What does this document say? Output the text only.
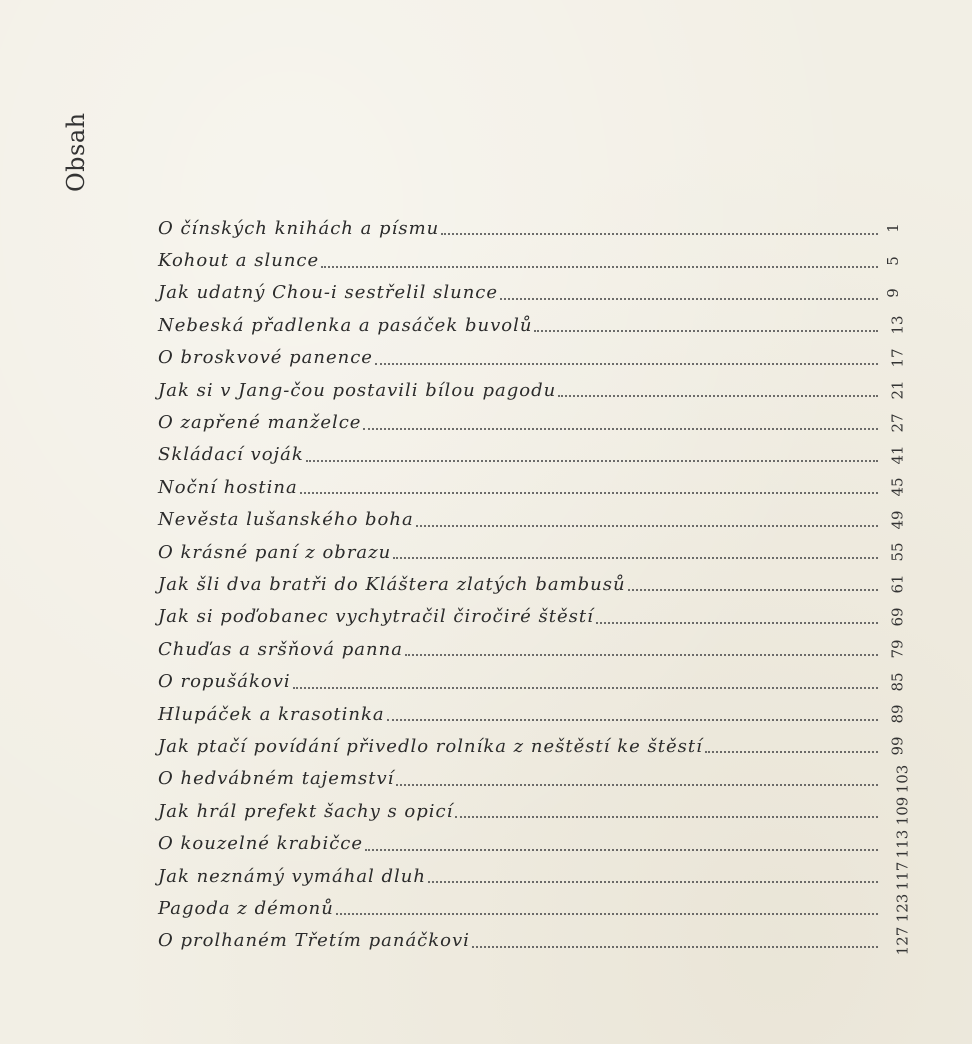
Obsah
O čínských knihách a písmu	1
Kohout a slunce	5
Jak udatný Chou-i sestřelil slunce	9
Nebeská přadlenka a pasáček buvolů	13
O broskvové panence	17
Jak si v Jang-čou postavili bílou pagodu	21
O zapřené manželce	27
Skládací voják	41
Noční hostina	45
Nevěsta lušanského boha	49
O krásné paní z obrazu	55
Jak šli dva bratři do Kláštera zlatých bambusů	61
Jak si poďobanec vychytračil čiročiré štěstí	69
Chuďas a sršňová panna	79
O ropušákovi	85
Hlupáček a krasotinka	89
Jak ptačí povídání přivedlo rolníka z neštěstí ke štěstí	99
O hedvábném tajemství	103
Jak hrál prefekt šachy s opicí	109
O kouzelné krabičce	113
Jak neznámý vymáhal dluh	117
Pagoda z démonů	123
O prolhaném Třetím panáčkovi	127
